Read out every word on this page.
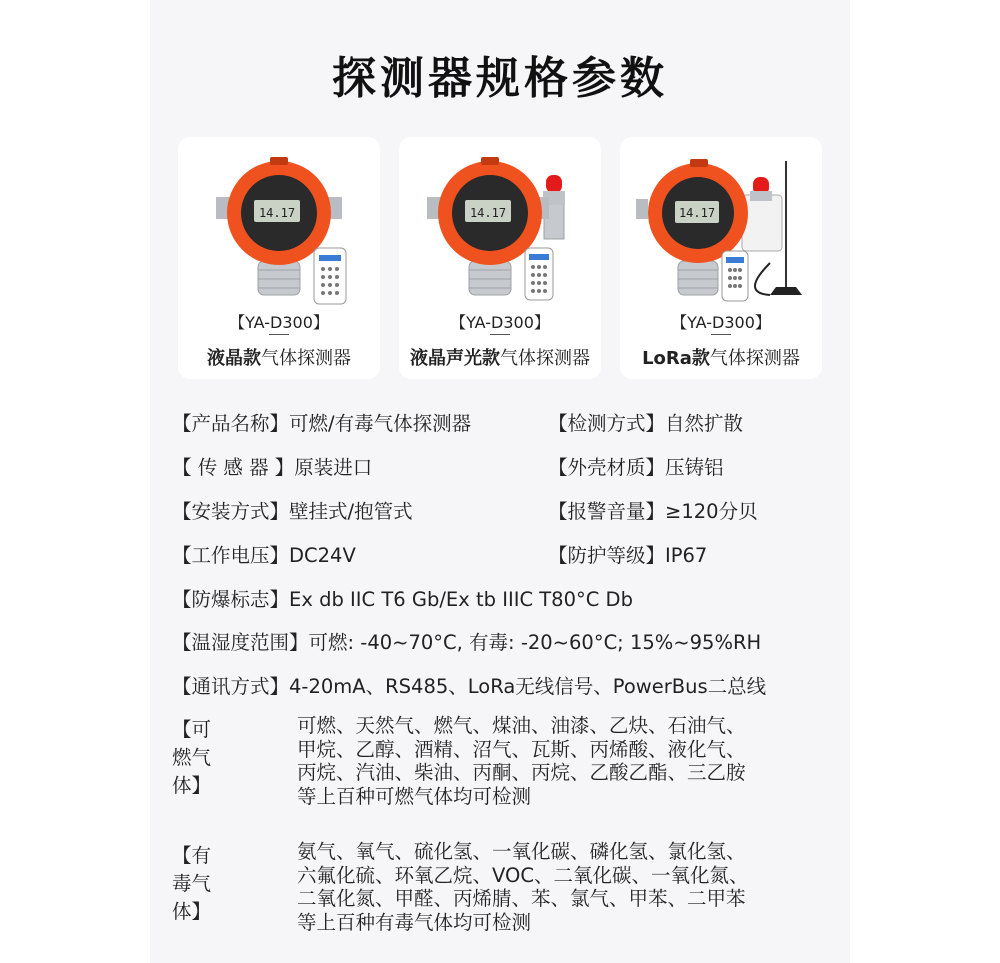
探测器规格参数
14.17
【YA-D300】
液晶款气体探测器
14.17
【YA-D300】
液晶声光款气体探测器
14.17
【YA-D300】
LoRa款气体探测器
【产品名称】可燃/有毒气体探测器	【检测方式】自然扩散
【 传 感 器 】原装进口	【外壳材质】压铸铝
【安装方式】壁挂式/抱管式	【报警音量】≥120分贝
【工作电压】DC24V	【防护等级】IP67
【防爆标志】Ex db IIC T6 Gb/Ex tb IIIC T80°C Db
【温湿度范围】可燃: -40~70°C, 有毒: -20~60°C; 15%~95%RH
【通讯方式】4-20mA、RS485、LoRa无线信号、PowerBus二总线
【可燃气体】
可燃、天然气、燃气、煤油、油漆、乙炔、石油气、
甲烷、乙醇、酒精、沼气、瓦斯、丙烯酸、液化气、
丙烷、汽油、柴油、丙酮、丙烷、乙酸乙酯、三乙胺
等上百种可燃气体均可检测
【有毒气体】
氨气、氧气、硫化氢、一氧化碳、磷化氢、氯化氢、
六氟化硫、环氧乙烷、VOC、二氧化碳、一氧化氮、
二氧化氮、甲醛、丙烯腈、苯、氯气、甲苯、二甲苯
等上百种有毒气体均可检测
